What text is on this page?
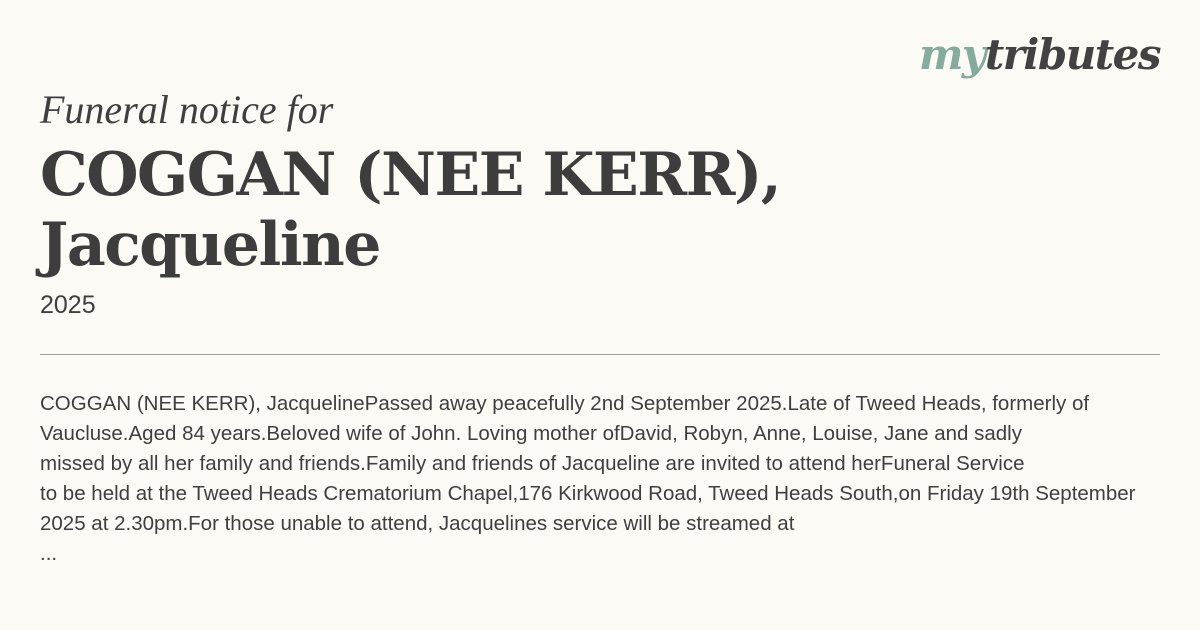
mytributes
Funeral notice for
COGGAN (NEE KERR),
Jacqueline
2025
COGGAN (NEE KERR), JacquelinePassed away peacefully 2nd September 2025.Late of Tweed Heads, formerly of
Vaucluse.Aged 84 years.Beloved wife of John. Loving mother ofDavid, Robyn, Anne, Louise, Jane and sadly
missed by all her family and friends.Family and friends of Jacqueline are invited to attend herFuneral Service
to be held at the Tweed Heads Crematorium Chapel,176 Kirkwood Road, Tweed Heads South,on Friday 19th September
2025 at 2.30pm.For those unable to attend, Jacquelines service will be streamed at
...
